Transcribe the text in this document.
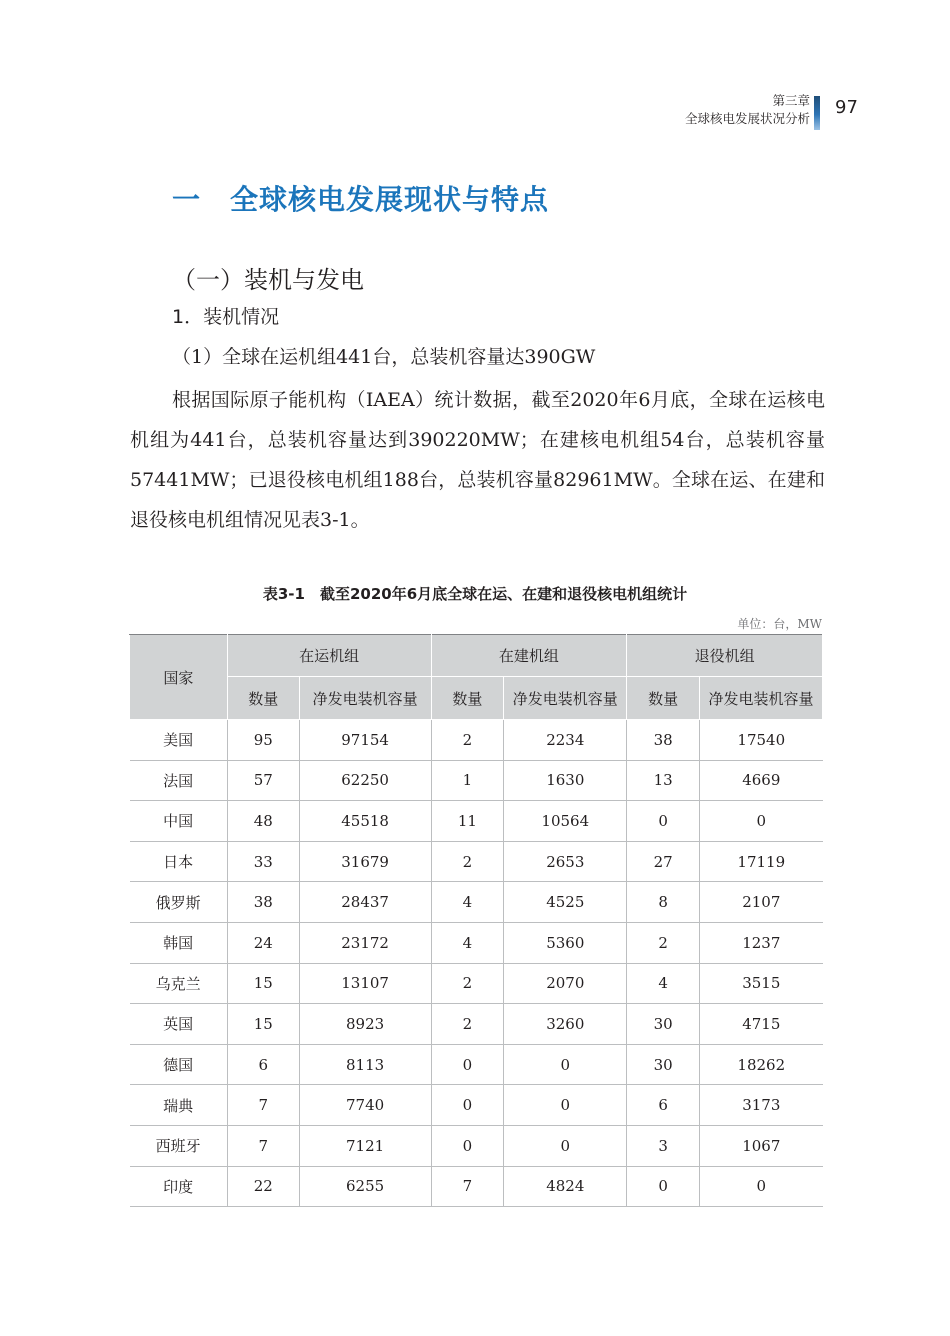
第三章
全球核电发展状况分析
97
一 全球核电发展现状与特点
（一）装机与发电
1．装机情况
（1）全球在运机组441台，总装机容量达390GW

根据国际原子能机构（IAEA）统计数据，截至2020年6月底，全球在运核电机组为441台，总装机容量达到390220MW；在建核电机组54台，总装机容量57441MW；已退役核电机组188台，总装机容量82961MW。全球在运、在建和退役核电机组情况见表3-1。

表3-1　截至2020年6月底全球在运、在建和退役核电机组统计
单位：台，MW
国家	在运机组		在建机组		退役机组	
	数量	净发电装机容量	数量	净发电装机容量	数量	净发电装机容量
美国	95	97154	2	2234	38	17540
法国	57	62250	1	1630	13	4669
中国	48	45518	11	10564	0	0
日本	33	31679	2	2653	27	17119
俄罗斯	38	28437	4	4525	8	2107
韩国	24	23172	4	5360	2	1237
乌克兰	15	13107	2	2070	4	3515
英国	15	8923	2	3260	30	4715
德国	6	8113	0	0	30	18262
瑞典	7	7740	0	0	6	3173
西班牙	7	7121	0	0	3	1067
印度	22	6255	7	4824	0	0
